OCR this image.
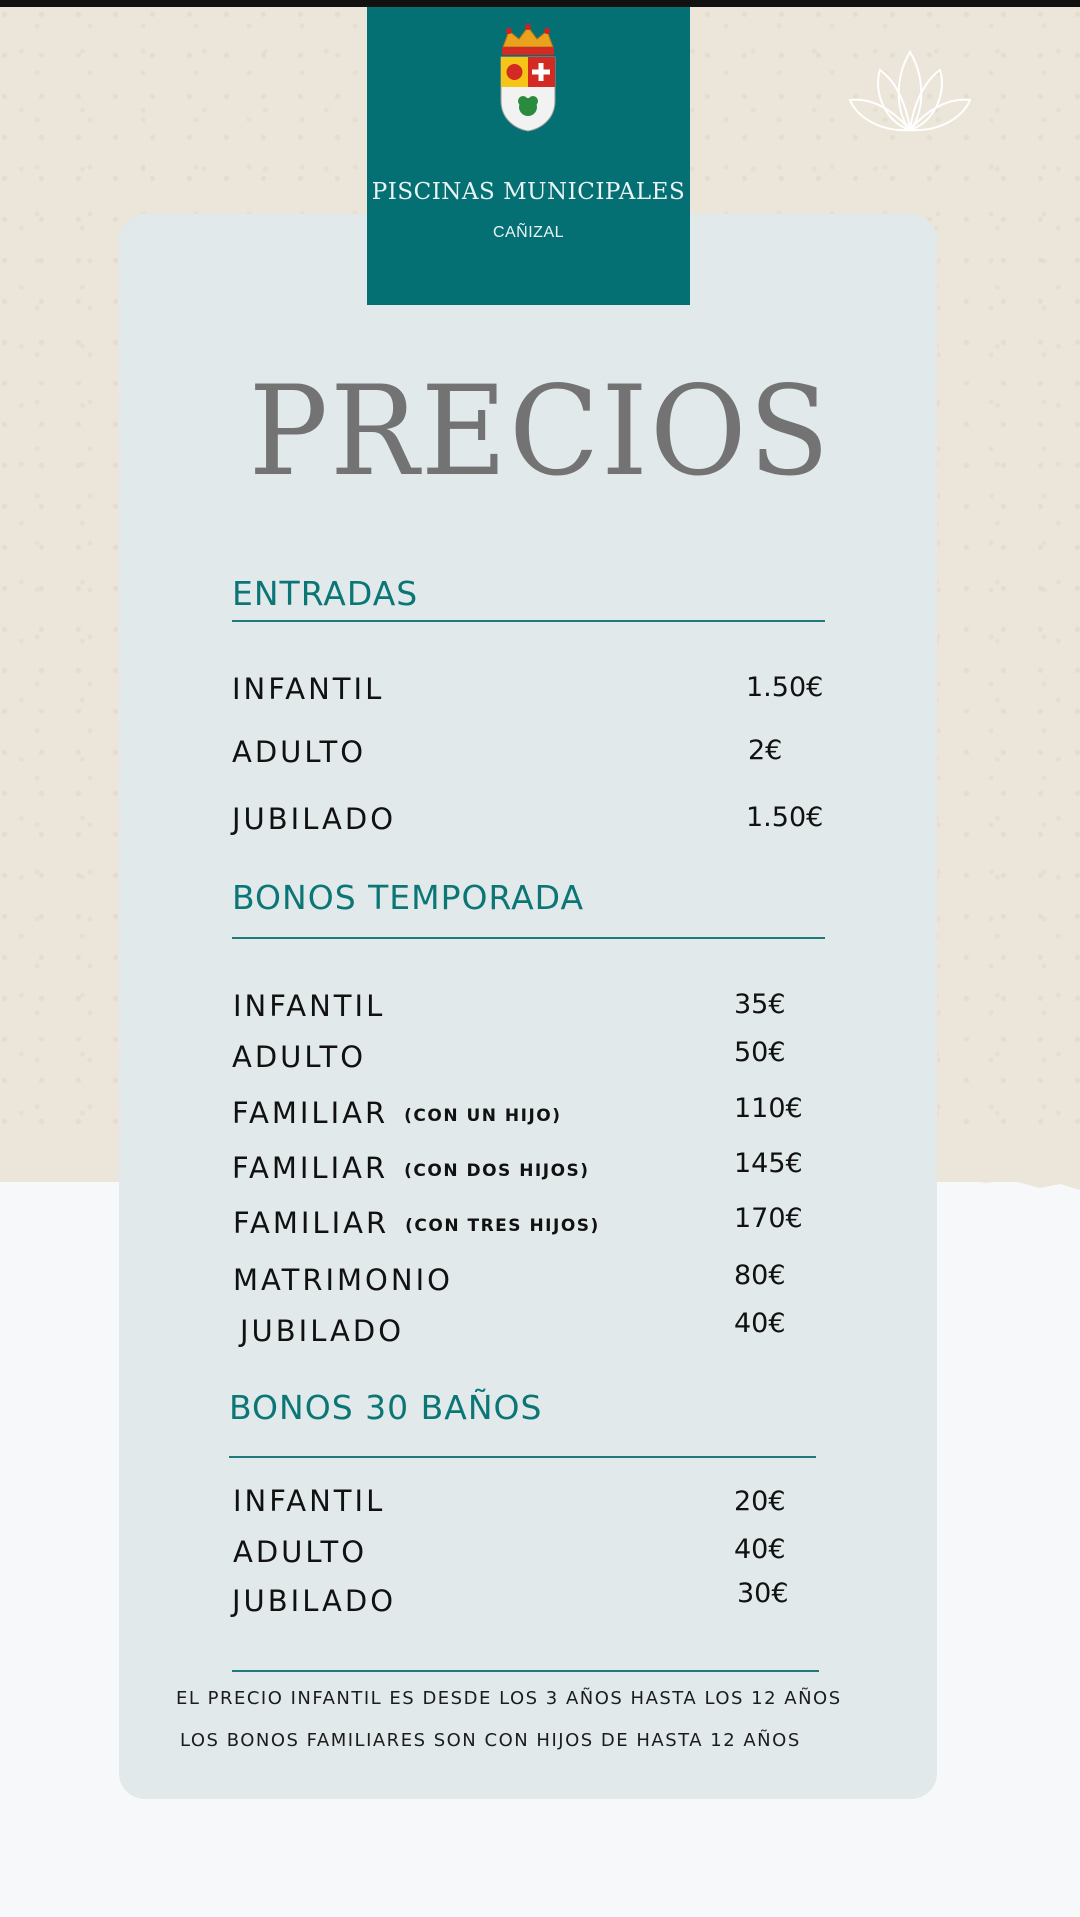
PISCINAS MUNICIPALES
CAÑIZAL
PRECIOS
ENTRADAS
INFANTIL	1.50€
ADULTO	2€
JUBILADO	1.50€
BONOS TEMPORADA
INFANTIL	35€
ADULTO	50€
FAMILIAR (CON UN HIJO)	110€
FAMILIAR (CON DOS HIJOS)	145€
FAMILIAR (CON TRES HIJOS)	170€
MATRIMONIO	80€
JUBILADO	40€
BONOS 30 BAÑOS
INFANTIL	20€
ADULTO	40€
JUBILADO	30€
EL PRECIO INFANTIL ES DESDE LOS 3 AÑOS HASTA LOS 12 AÑOS
LOS BONOS FAMILIARES SON CON HIJOS DE HASTA 12 AÑOS
